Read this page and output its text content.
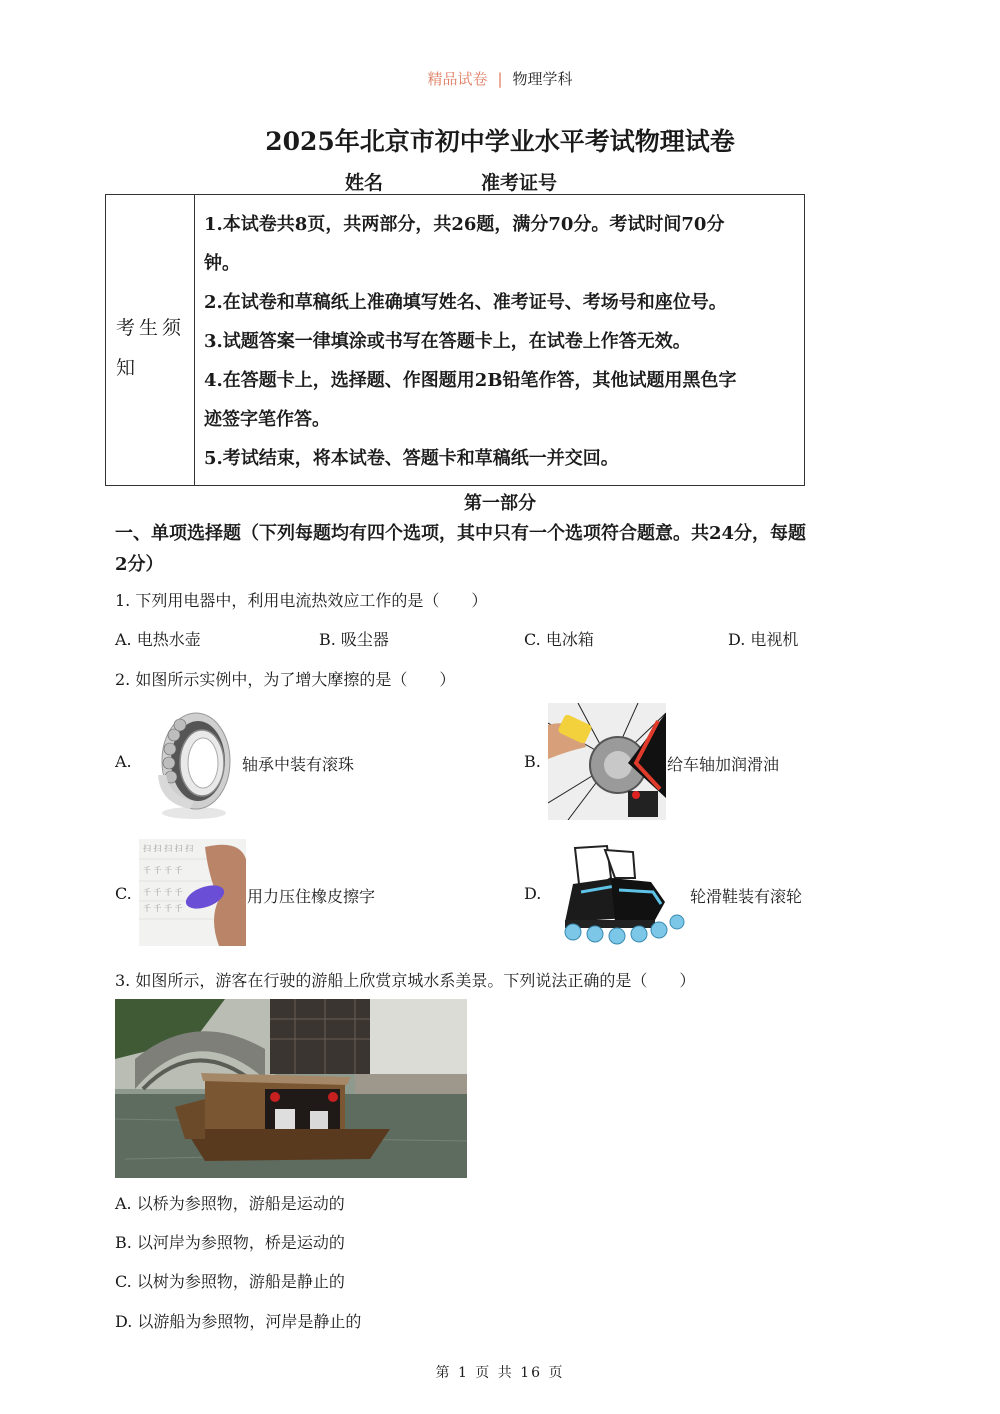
精品试卷 | 物理学科
2025年北京市初中学业水平考试物理试卷
姓名	准考证号
考生须知
1.本试卷共8页，共两部分，共26题，满分70分。考试时间70分
钟。
2.在试卷和草稿纸上准确填写姓名、准考证号、考场号和座位号。
3.试题答案一律填涂或书写在答题卡上，在试卷上作答无效。
4.在答题卡上，选择题、作图题用2B铅笔作答，其他试题用黑色字
迹签字笔作答。
5.考试结束，将本试卷、答题卡和草稿纸一并交回。
第一部分
一、单项选择题（下列每题均有四个选项，其中只有一个选项符合题意。共24分，每题
2分）
1. 下列用电器中，利用电流热效应工作的是（　　）
A. 电热水壶	B. 吸尘器	C. 电冰箱	D. 电视机
2. 如图所示实例中，为了增大摩擦的是（　　）
A.	轴承中装有滚珠	B.	给车轴加润滑油
C.
扫 扫 扫 扫 扫
千 千 千 千
千 千 千 千
千 千 千 千
用力压住橡皮擦字	D.	轮滑鞋装有滚轮
3. 如图所示，游客在行驶的游船上欣赏京城水系美景。下列说法正确的是（　　）
A. 以桥为参照物，游船是运动的
B. 以河岸为参照物，桥是运动的
C. 以树为参照物，游船是静止的
D. 以游船为参照物，河岸是静止的
第 1 页 共 16 页
